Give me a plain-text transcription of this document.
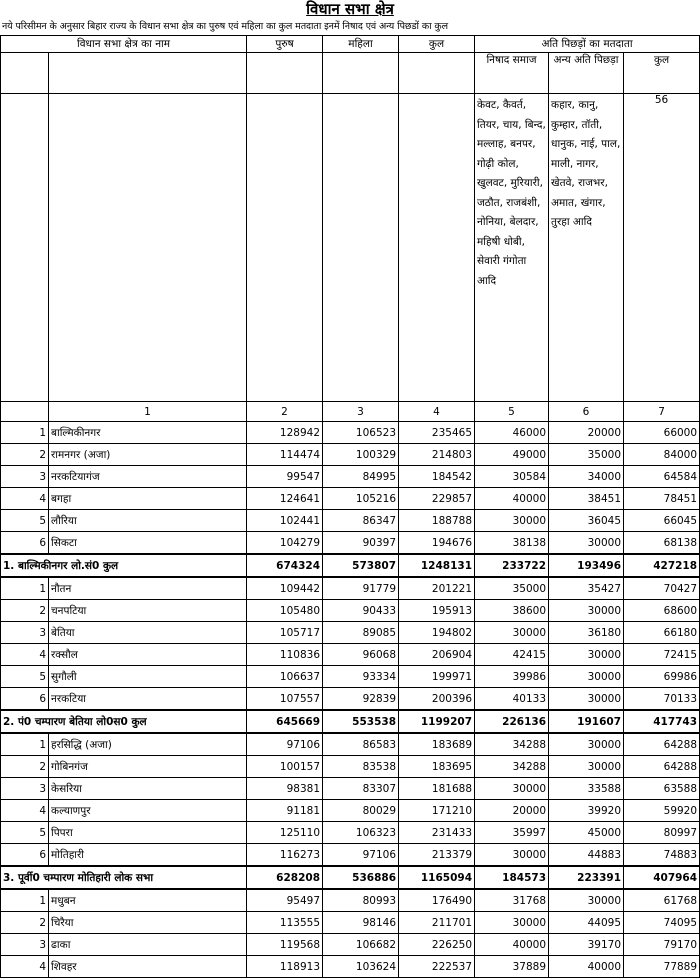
विधान सभा क्षेत्र
नये परिसीमन के अनुसार बिहार राज्य के विधान सभा क्षेत्र का पुरुष एवं महिला का कुल मतदाता इनमें निषाद एवं अन्य पिछडों का कुल
विधान सभा क्षेत्र का नाम		पुरुष	महिला	कुल	अति पिछड़ों का मतदाता		
					निषाद समाज	अन्य अति पिछड़ा	कुल
					केवट, कैवर्त, तियर, चाय, बिन्द, मल्लाह, बनपर, गोढ़ी कोल, खुलवट, मुरियारी, जठौत, राजबंशी, नोनिया, बेलदार, महिषी धोबी, सेवारी गंगोता आदि	कहार, कानु, कुम्हार, तॉती, धानुक, नाई, पाल, माली, नागर, खेतवे, राजभर, अमात, खंगार, तुरहा आदि	56
	1	2	3	4	5	6	7
1	बाल्मिकीनगर	128942	106523	235465	46000	20000	66000
2	रामनगर (अजा)	114474	100329	214803	49000	35000	84000
3	नरकटियागंज	99547	84995	184542	30584	34000	64584
4	बगहा	124641	105216	229857	40000	38451	78451
5	लौरिया	102441	86347	188788	30000	36045	66045
6	सिकटा	104279	90397	194676	38138	30000	68138
1. बाल्मिकीनगर लो.सं0 कुल		674324	573807	1248131	233722	193496	427218
1	नौतन	109442	91779	201221	35000	35427	70427
2	चनपटिया	105480	90433	195913	38600	30000	68600
3	बेतिया	105717	89085	194802	30000	36180	66180
4	रक्सौल	110836	96068	206904	42415	30000	72415
5	सुगौली	106637	93334	199971	39986	30000	69986
6	नरकटिया	107557	92839	200396	40133	30000	70133
2. पं0 चम्पारण बेतिया लो0स0 कुल		645669	553538	1199207	226136	191607	417743
1	हरसिद्धि (अजा)	97106	86583	183689	34288	30000	64288
2	गोबिनगंज	100157	83538	183695	34288	30000	64288
3	केसरिया	98381	83307	181688	30000	33588	63588
4	कल्याणपुर	91181	80029	171210	20000	39920	59920
5	पिपरा	125110	106323	231433	35997	45000	80997
6	मोतिहारी	116273	97106	213379	30000	44883	74883
3. पूर्वी0 चम्पारण मोतिहारी लोक सभा		628208	536886	1165094	184573	223391	407964
1	मधुबन	95497	80993	176490	31768	30000	61768
2	चिरैया	113555	98146	211701	30000	44095	74095
3	ढाका	119568	106682	226250	40000	39170	79170
4	शिवहर	118913	103624	222537	37889	40000	77889
